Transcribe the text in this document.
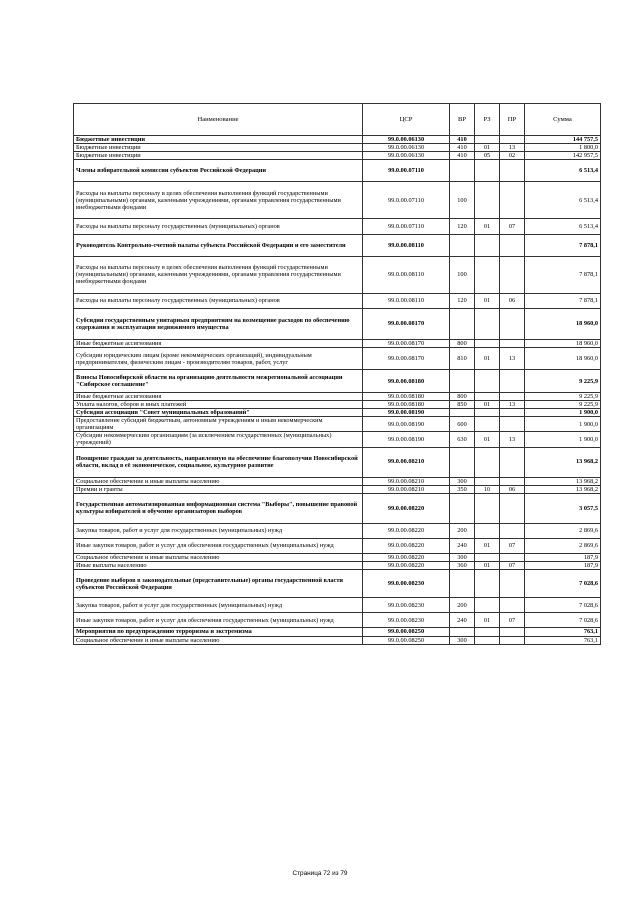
Наименование	ЦСР	ВР	РЗ	ПР	Сумма
Бюджетные инвестиции	99.0.00.06130	410			144 757,5
Бюджетные инвестиции	99.0.00.06130	410	01	13	1 800,0
Бюджетные инвестиции	99.0.00.06130	410	05	02	142 957,5
Члены избирательной комиссии субъектов Российской Федерации	99.0.00.07110				6 513,4
Расходы на выплаты персоналу в целях обеспечения выполнения функций государственными (муниципальными) органами, казенными учреждениями, органами управления государственными внебюджетными фондами	99.0.00.07110	100			6 513,4
Расходы на выплаты персоналу государственных (муниципальных) органов	99.0.00.07110	120	01	07	6 513,4
Руководитель Контрольно-счетной палаты субъекта Российской Федерации и его заместители	99.0.00.08110				7 878,1
Расходы на выплаты персоналу в целях обеспечения выполнения функций государственными (муниципальными) органами, казенными учреждениями, органами управления государственными внебюджетными фондами	99.0.00.08110	100			7 878,1
Расходы на выплаты персоналу государственных (муниципальных) органов	99.0.00.08110	120	01	06	7 878,1
Субсидии государственным унитарным предприятиям на возмещение расходов по обеспечению содержания и эксплуатации недвижимого имущества	99.0.00.08170				18 960,0
Иные бюджетные ассигнования	99.0.00.08170	800			18 960,0
Субсидии юридическим лицам (кроме некоммерческих организаций), индивидуальным предпринимателям, физическим лицам - производителям товаров, работ, услуг	99.0.00.08170	810	01	13	18 960,0
Взносы Новосибирской области на организацию деятельности межрегиональной ассоциации "Сибирское соглашение"	99.0.00.08180				9 225,9
Иные бюджетные ассигнования	99.0.00.08180	800			9 225,9
Уплата налогов, сборов и иных платежей	99.0.00.08180	850	01	13	9 225,9
Субсидия ассоциации "Совет муниципальных образований"	99.0.00.08190				1 900,0
Предоставление субсидий бюджетным, автономным учреждениям и иным некоммерческим организациям	99.0.00.08190	600			1 900,0
Субсидии некоммерческим организациям (за исключением государственных (муниципальных) учреждений)	99.0.00.08190	630	01	13	1 900,0
Поощрение граждан за деятельность, направленную на обеспечение благополучия Новосибирской области, вклад в её экономическое, социальное, культурное развитие	99.0.00.08210				13 968,2
Социальное обеспечение и иные выплаты населению	99.0.00.08210	300			13 968,2
Премии и гранты	99.0.00.08210	350	10	06	13 968,2
Государственная автоматизированная информационная система "Выборы", повышение правовой культуры избирателей и обучение организаторов выборов	99.0.00.08220				3 057,5
Закупка товаров, работ и услуг для государственных (муниципальных) нужд	99.0.00.08220	200			2 869,6
Иные закупки товаров, работ и услуг для обеспечения государственных (муниципальных) нужд	99.0.00.08220	240	01	07	2 869,6
Социальное обеспечение и иные выплаты населению	99.0.00.08220	300			187,9
Иные выплаты населению	99.0.00.08220	360	01	07	187,9
Проведение выборов в законодательные (представительные) органы государственной власти субъектов Российской Федерации	99.0.00.08230				7 028,6
Закупка товаров, работ и услуг для государственных (муниципальных) нужд	99.0.00.08230	200			7 028,6
Иные закупки товаров, работ и услуг для обеспечения государственных (муниципальных) нужд	99.0.00.08230	240	01	07	7 028,6
Мероприятия по предупреждению терроризма и экстремизма	99.0.00.08250				763,1
Социальное обеспечение и иные выплаты населению	99.0.00.08250	300			763,1
Страница 72 из 79
